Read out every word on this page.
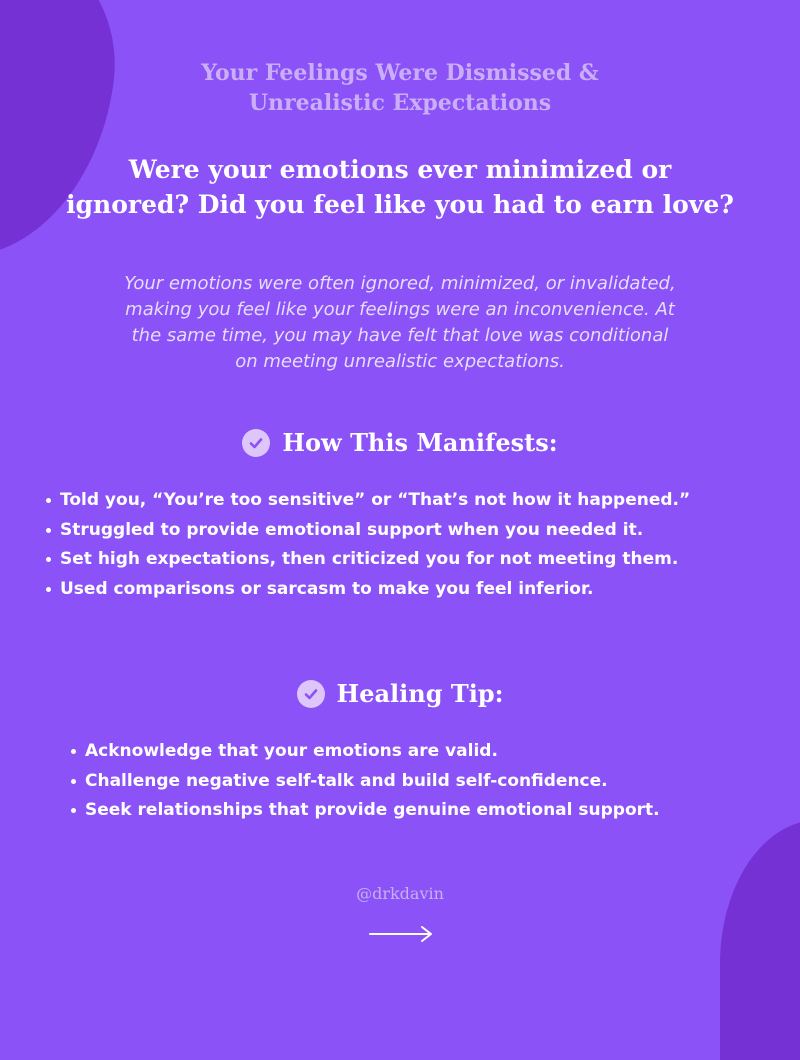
Your Feelings Were Dismissed &
Unrealistic Expectations
Were your emotions ever minimized or
ignored? Did you feel like you had to earn love?
Your emotions were often ignored, minimized, or invalidated,
making you feel like your feelings were an inconvenience. At
the same time, you may have felt that love was conditional
on meeting unrealistic expectations.
How This Manifests:
Told you, “You’re too sensitive” or “That’s not how it happened.”
Struggled to provide emotional support when you needed it.
Set high expectations, then criticized you for not meeting them.
Used comparisons or sarcasm to make you feel inferior.
Healing Tip:
Acknowledge that your emotions are valid.
Challenge negative self-talk and build self-confidence.
Seek relationships that provide genuine emotional support.
@drkdavin
